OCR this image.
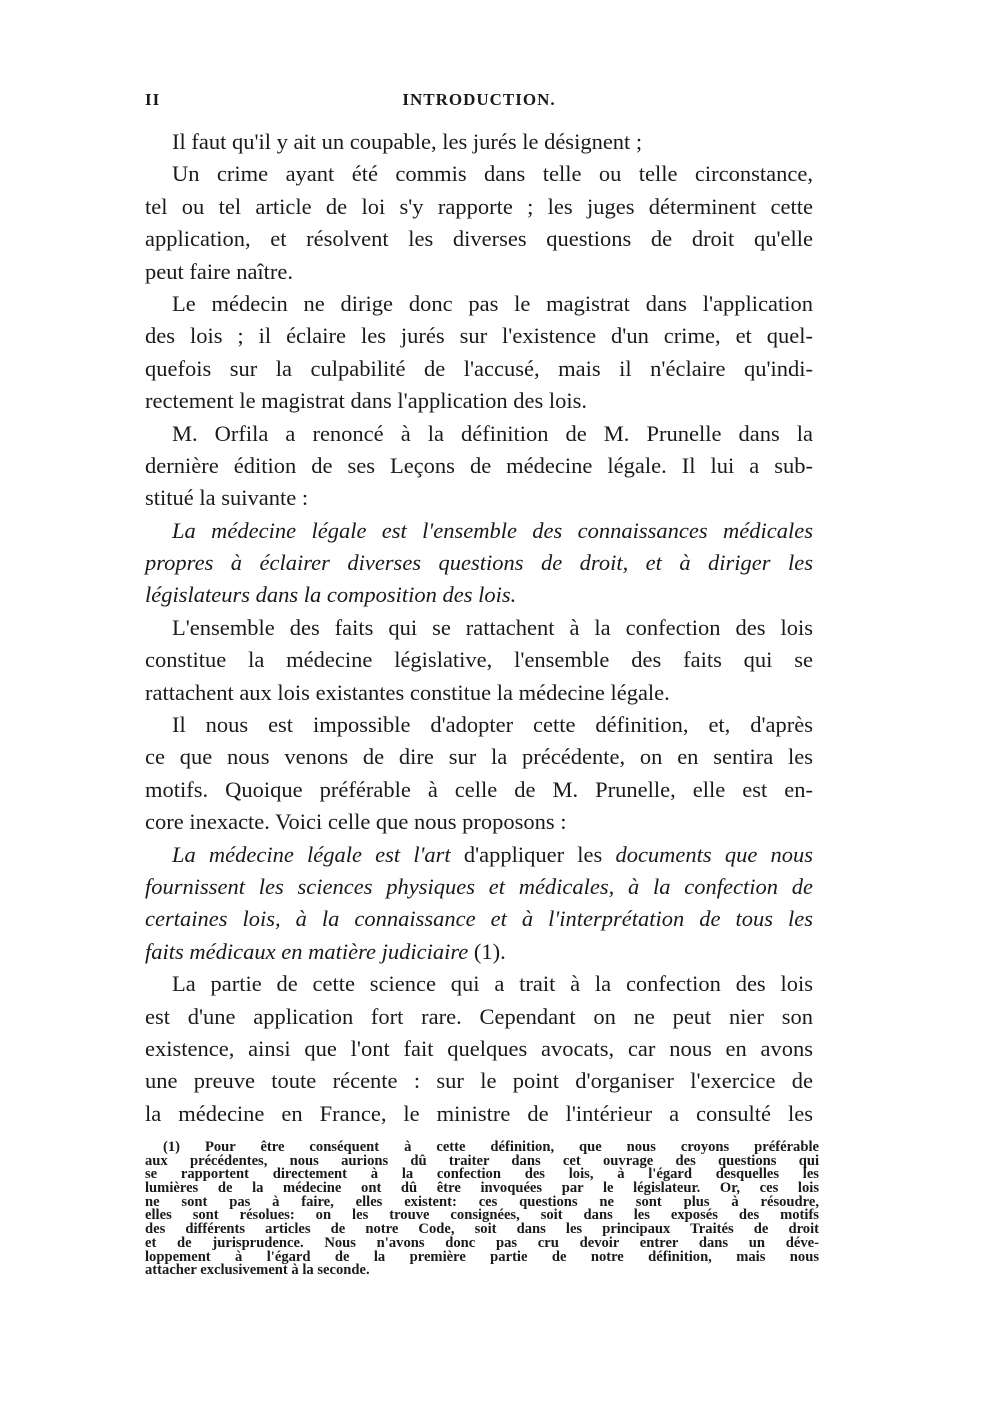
II	INTRODUCTION.
Il faut qu'il y ait un coupable, les jurés le désignent ;
Un crime ayant été commis dans telle ou telle circonstance,
tel ou tel article de loi s'y rapporte ; les juges déterminent cette
application, et résolvent les diverses questions de droit qu'elle
peut faire naître.
Le médecin ne dirige donc pas le magistrat dans l'application
des lois ; il éclaire les jurés sur l'existence d'un crime, et quel-
quefois sur la culpabilité de l'accusé, mais il n'éclaire qu'indi-
rectement le magistrat dans l'application des lois.
M. Orfila a renoncé à la définition de M. Prunelle dans la
dernière édition de ses Leçons de médecine légale. Il lui a sub-
stitué la suivante :
La médecine légale est l'ensemble des connaissances médicales
propres à éclairer diverses questions de droit, et à diriger les
législateurs dans la composition des lois.
L'ensemble des faits qui se rattachent à la confection des lois
constitue la médecine législative, l'ensemble des faits qui se
rattachent aux lois existantes constitue la médecine légale.
Il nous est impossible d'adopter cette définition, et, d'après
ce que nous venons de dire sur la précédente, on en sentira les
motifs. Quoique préférable à celle de M. Prunelle, elle est en-
core inexacte. Voici celle que nous proposons :
La médecine légale est l'art d'appliquer les documents que nous
fournissent les sciences physiques et médicales, à la confection de
certaines lois, à la connaissance et à l'interprétation de tous les
faits médicaux en matière judiciaire (1).
La partie de cette science qui a trait à la confection des lois
est d'une application fort rare. Cependant on ne peut nier son
existence, ainsi que l'ont fait quelques avocats, car nous en avons
une preuve toute récente : sur le point d'organiser l'exercice de
la médecine en France, le ministre de l'intérieur a consulté les
(1) Pour être conséquent à cette définition, que nous croyons préférable
aux précédentes, nous aurions dû traiter dans cet ouvrage des questions qui
se rapportent directement à la confection des lois, à l'égard desquelles les
lumières de la médecine ont dû être invoquées par le législateur. Or, ces lois
ne sont pas à faire, elles existent: ces questions ne sont plus à résoudre,
elles sont résolues: on les trouve consignées, soit dans les exposés des motifs
des différents articles de notre Code, soit dans les principaux Traités de droit
et de jurisprudence. Nous n'avons donc pas cru devoir entrer dans un déve-
loppement à l'égard de la première partie de notre définition, mais nous
attacher exclusivement à la seconde.
